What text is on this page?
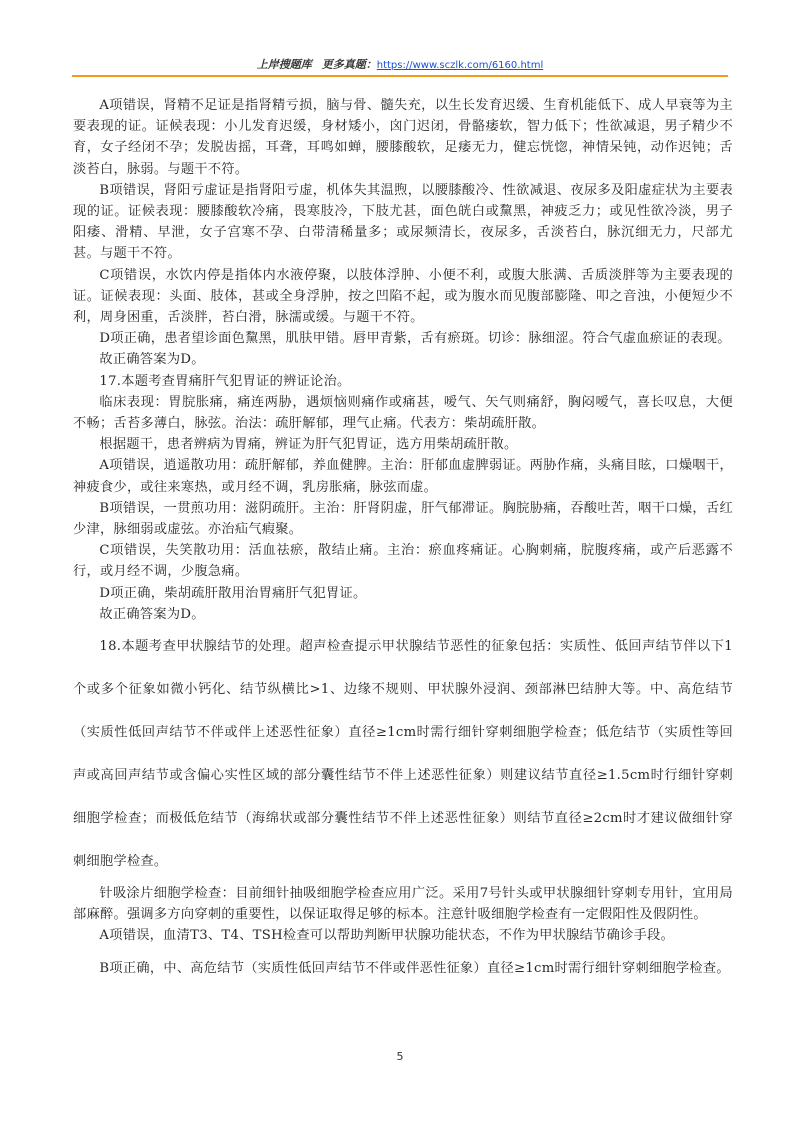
上岸搜题库 更多真题：https://www.sczlk.com/6160.html

A项错误，肾精不足证是指肾精亏损，脑与骨、髓失充，以生长发育迟缓、生育机能低下、成人早衰等为主要表现的证。证候表现：小儿发育迟缓，身材矮小，囟门迟闭，骨骼痿软，智力低下；性欲减退，男子精少不育，女子经闭不孕；发脱齿摇，耳聋，耳鸣如蝉，腰膝酸软，足痿无力，健忘恍惚，神情呆钝，动作迟钝；舌淡苔白，脉弱。与题干不符。

B项错误，肾阳亏虚证是指肾阳亏虚，机体失其温煦，以腰膝酸冷、性欲减退、夜尿多及阳虚症状为主要表现的证。证候表现：腰膝酸软冷痛，畏寒肢冷，下肢尤甚，面色㿠白或黧黑，神疲乏力；或见性欲冷淡，男子阳痿、滑精、早泄，女子宫寒不孕、白带清稀量多；或尿频清长，夜尿多，舌淡苔白，脉沉细无力，尺部尤甚。与题干不符。

C项错误，水饮内停是指体内水液停聚，以肢体浮肿、小便不利，或腹大胀满、舌质淡胖等为主要表现的证。证候表现：头面、肢体，甚或全身浮肿，按之凹陷不起，或为腹水而见腹部膨隆、叩之音浊，小便短少不利，周身困重，舌淡胖，苔白滑，脉濡或缓。与题干不符。

D项正确，患者望诊面色黧黑，肌肤甲错。唇甲青紫，舌有瘀斑。切诊：脉细涩。符合气虚血瘀证的表现。

故正确答案为D。

17.本题考查胃痛肝气犯胃证的辨证论治。

临床表现：胃脘胀痛，痛连两胁，遇烦恼则痛作或痛甚，嗳气、矢气则痛舒，胸闷嗳气，喜长叹息，大便不畅；舌苔多薄白，脉弦。治法：疏肝解郁，理气止痛。代表方：柴胡疏肝散。

根据题干，患者辨病为胃痛，辨证为肝气犯胃证，选方用柴胡疏肝散。

A项错误，逍遥散功用：疏肝解郁，养血健脾。主治：肝郁血虚脾弱证。两胁作痛，头痛目眩，口燥咽干，神疲食少，或往来寒热，或月经不调，乳房胀痛，脉弦而虚。

B项错误，一贯煎功用：滋阴疏肝。主治：肝肾阴虚，肝气郁滞证。胸脘胁痛，吞酸吐苦，咽干口燥，舌红少津，脉细弱或虚弦。亦治疝气瘕聚。

C项错误，失笑散功用：活血祛瘀，散结止痛。主治：瘀血疼痛证。心胸刺痛，脘腹疼痛，或产后恶露不行，或月经不调，少腹急痛。

D项正确，柴胡疏肝散用治胃痛肝气犯胃证。

故正确答案为D。

18.本题考查甲状腺结节的处理。超声检查提示甲状腺结节恶性的征象包括：实质性、低回声结节伴以下1个或多个征象如微小钙化、结节纵横比>1、边缘不规则、甲状腺外浸润、颈部淋巴结肿大等。中、高危结节（实质性低回声结节不伴或伴上述恶性征象）直径≥1cm时需行细针穿刺细胞学检查；低危结节（实质性等回声或高回声结节或含偏心实性区域的部分囊性结节不伴上述恶性征象）则建议结节直径≥1.5cm时行细针穿刺细胞学检查；而极低危结节（海绵状或部分囊性结节不伴上述恶性征象）则结节直径≥2cm时才建议做细针穿刺细胞学检查。

针吸涂片细胞学检查：目前细针抽吸细胞学检查应用广泛。采用7号针头或甲状腺细针穿刺专用针，宜用局部麻醉。强调多方向穿刺的重要性，以保证取得足够的标本。注意针吸细胞学检查有一定假阳性及假阴性。

A项错误，血清T3、T4、TSH检查可以帮助判断甲状腺功能状态，不作为甲状腺结节确诊手段。

B项正确，中、高危结节（实质性低回声结节不伴或伴恶性征象）直径≥1cm时需行细针穿刺细胞学检查。

5
